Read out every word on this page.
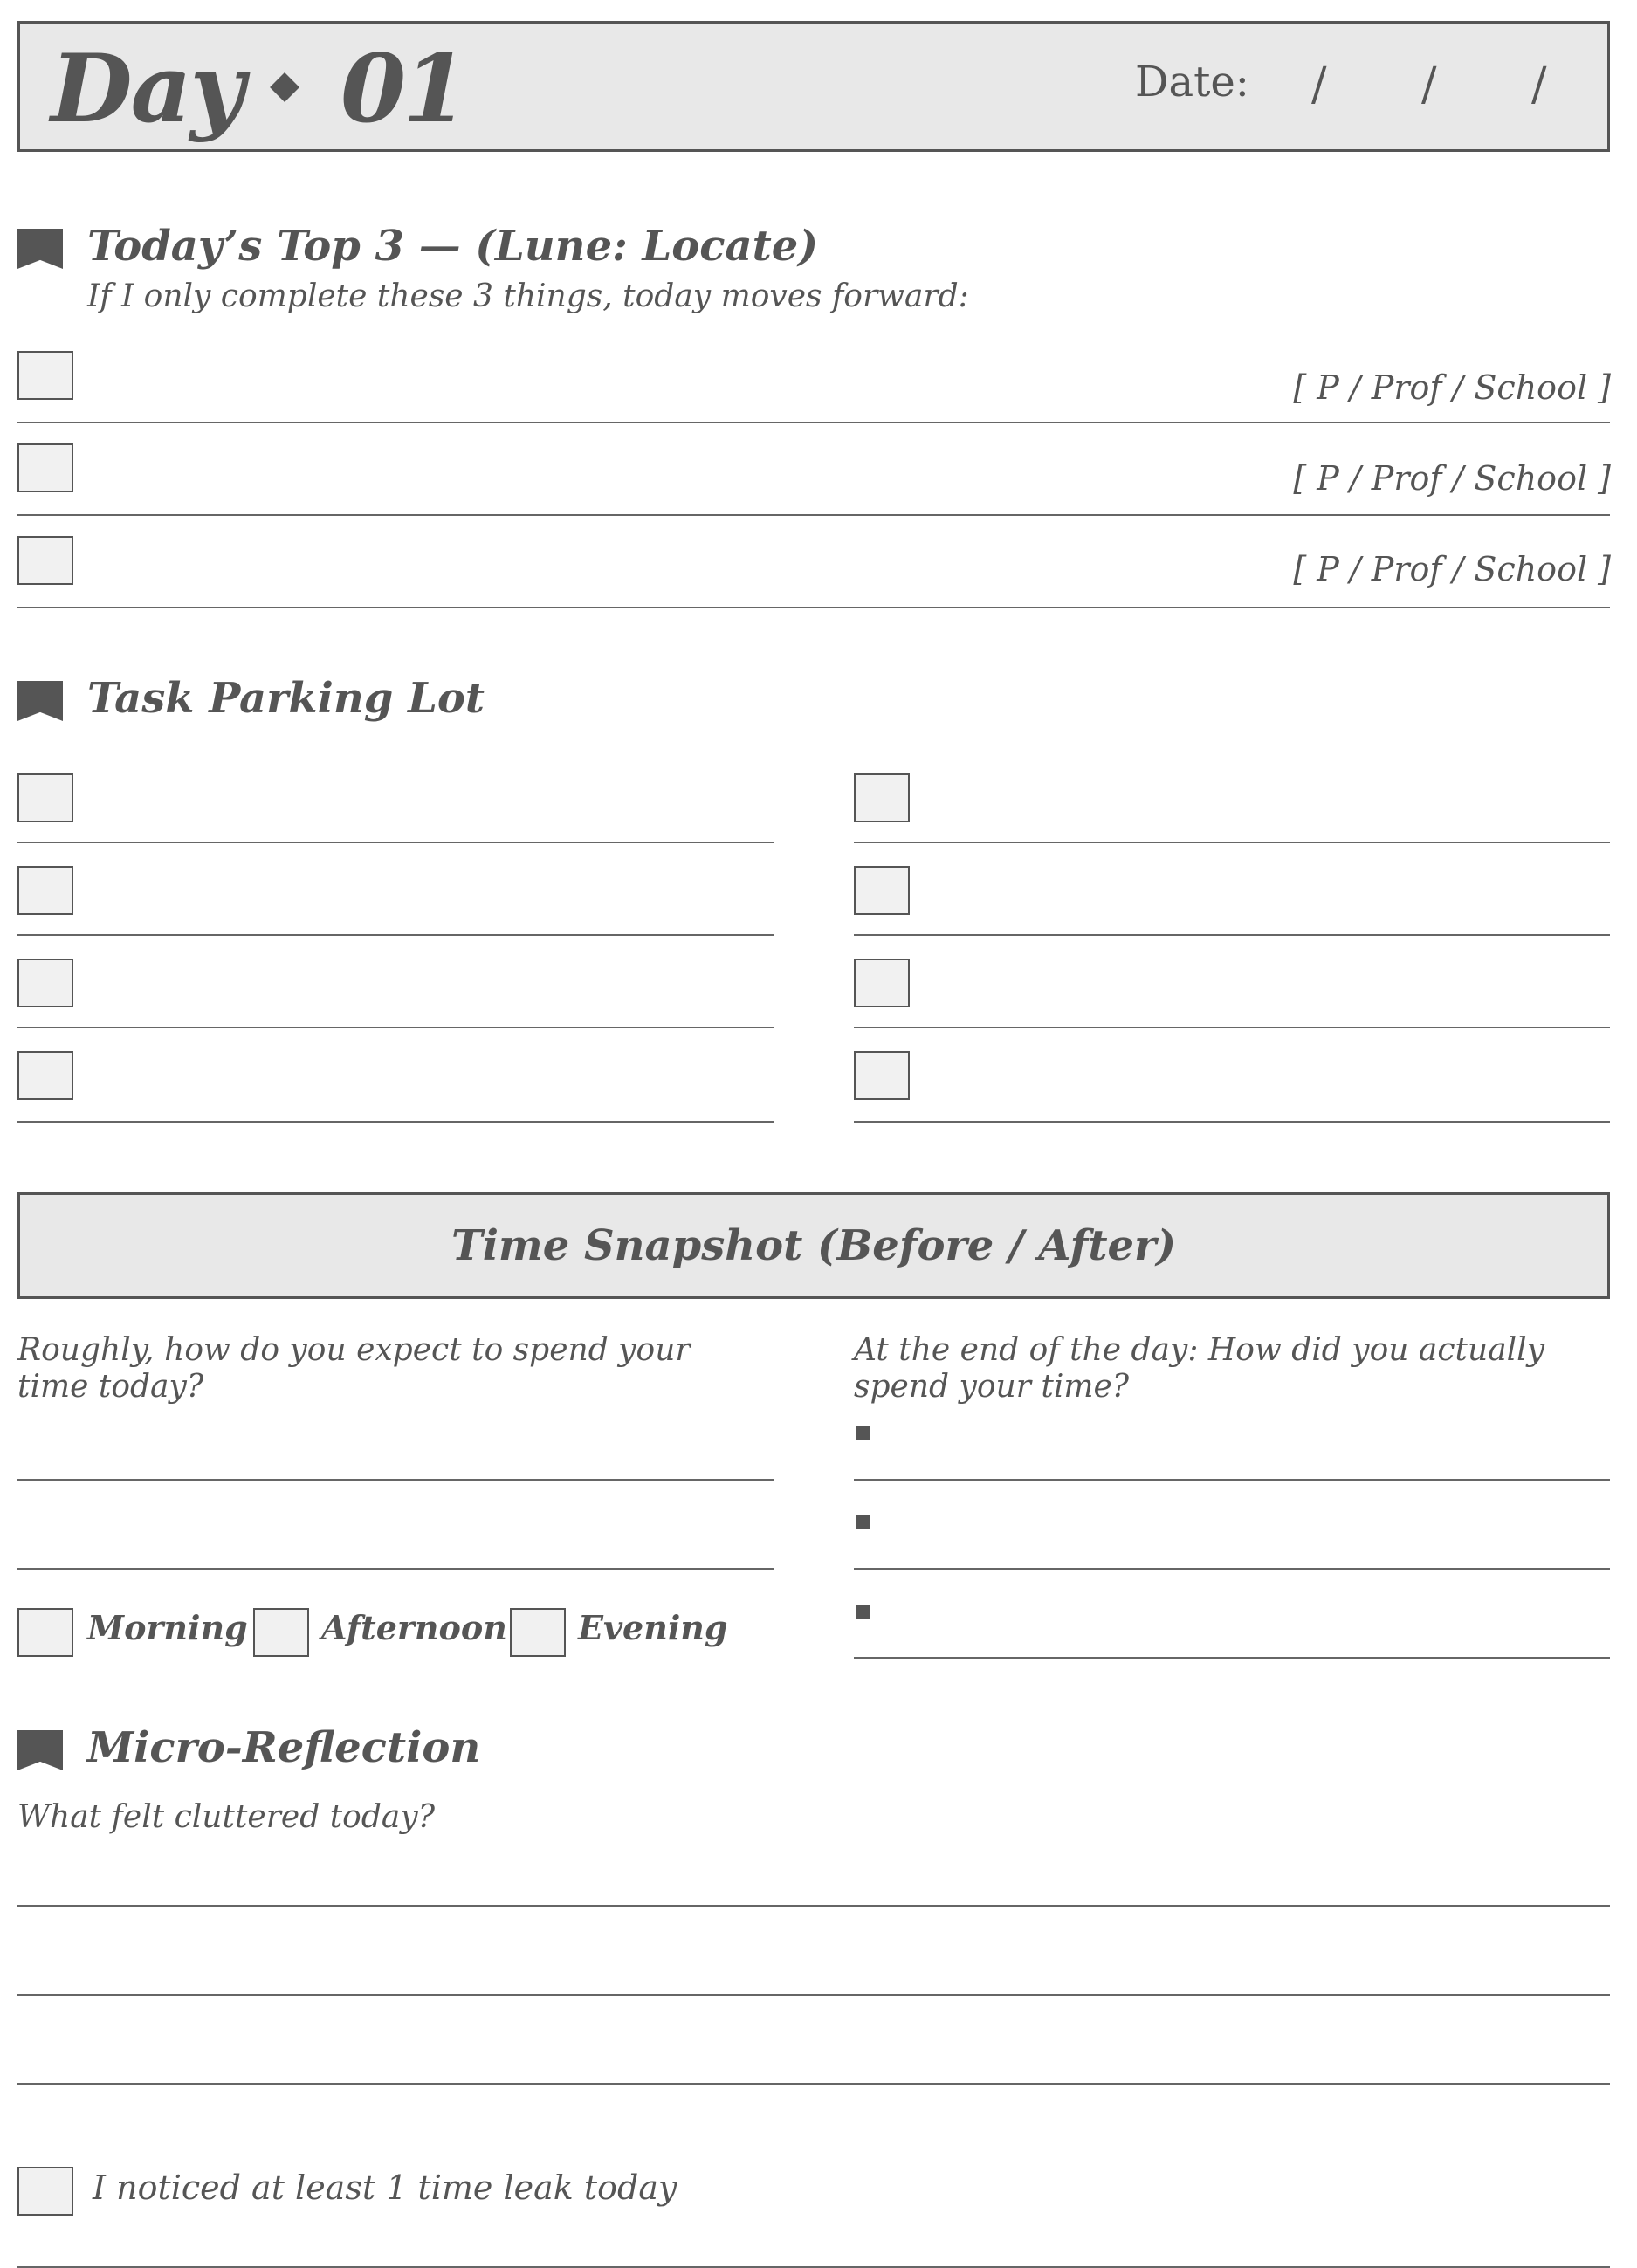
Day 01	Date: / / /
Today’s Top 3 — (Lune: Locate)
If I only complete these 3 things, today moves forward:
[ P / Prof / School ]
[ P / Prof / School ]
[ P / Prof / School ]
Task Parking Lot
Time Snapshot (Before / After)
Roughly, how do you expect to spend your time today?
Morning Afternoon Evening
At the end of the day: How did you actually spend your time?
Micro-Reflection
What felt cluttered today?
I noticed at least 1 time leak today
